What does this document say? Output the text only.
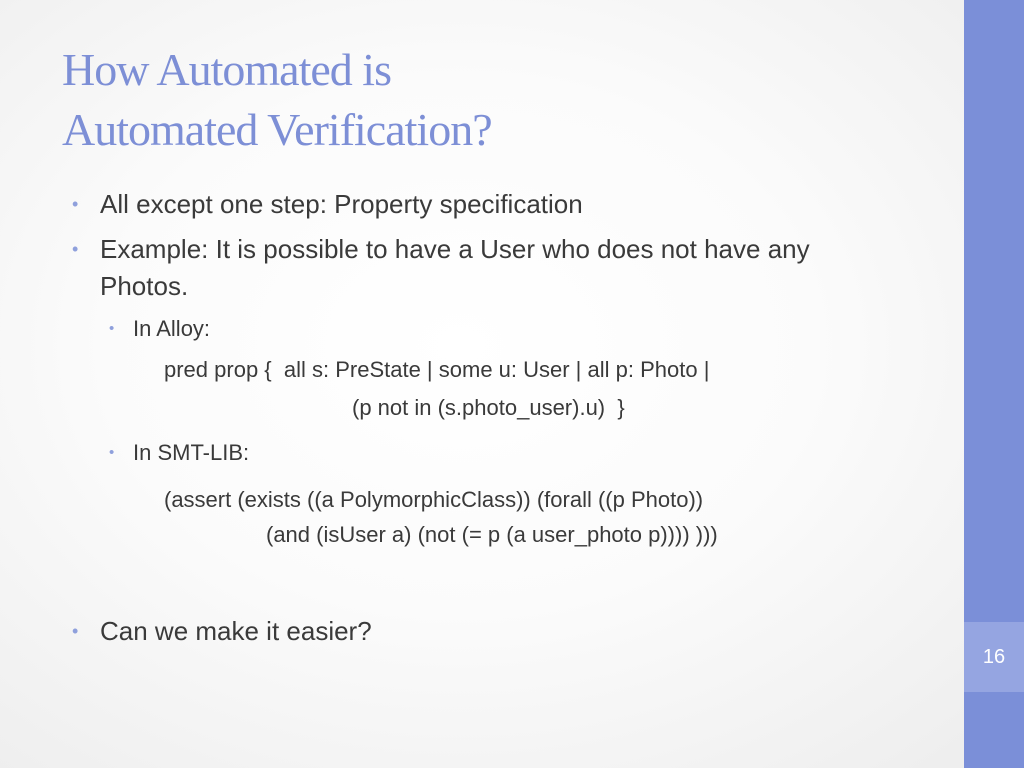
16
How Automated is
Automated Verification?
• All except one step: Property specification
• Example: It is possible to have a User who does not have any
Photos.
• In Alloy:
pred prop {  all s: PreState | some u: User | all p: Photo |
(p not in (s.photo_user).u)  }
• In SMT-LIB:
(assert (exists ((a PolymorphicClass)) (forall ((p Photo))
(and (isUser a) (not (= p (a user_photo p)))) )))
• Can we make it easier?
